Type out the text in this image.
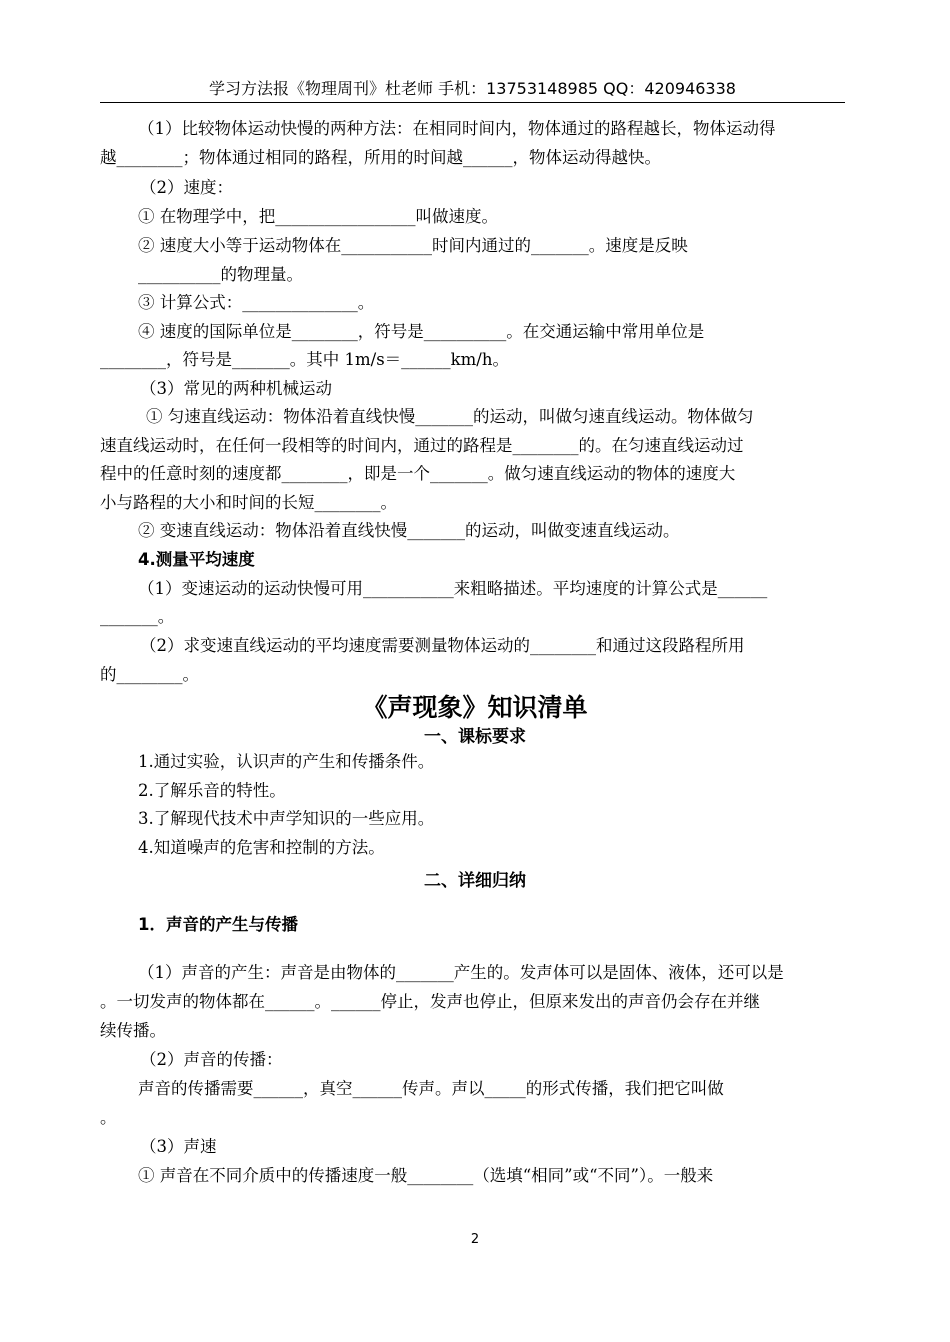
学习方法报《物理周刊》杜老师 手机：13753148985 QQ：420946338
（1）比较物体运动快慢的两种方法：在相同时间内，物体通过的路程越长，物体运动得
越________；物体通过相同的路程，所用的时间越______，物体运动得越快。
（2）速度：
① 在物理学中，把_________________叫做速度。
② 速度大小等于运动物体在___________时间内通过的_______。速度是反映
__________的物理量。
③ 计算公式：______________。
④ 速度的国际单位是________，符号是__________。在交通运输中常用单位是
________，符号是_______。其中 1m/s＝______km/h。
（3）常见的两种机械运动
① 匀速直线运动：物体沿着直线快慢_______的运动，叫做匀速直线运动。物体做匀
速直线运动时，在任何一段相等的时间内，通过的路程是________的。在匀速直线运动过
程中的任意时刻的速度都________，即是一个_______。做匀速直线运动的物体的速度大
小与路程的大小和时间的长短________。
② 变速直线运动：物体沿着直线快慢_______的运动，叫做变速直线运动。
4.测量平均速度
（1）变速运动的运动快慢可用___________来粗略描述。平均速度的计算公式是______
_______。
（2）求变速直线运动的平均速度需要测量物体运动的________和通过这段路程所用
的________。
《声现象》知识清单
一、课标要求
1.通过实验，认识声的产生和传播条件。
2.了解乐音的特性。
3.了解现代技术中声学知识的一些应用。
4.知道噪声的危害和控制的方法。
二、详细归纳
1．声音的产生与传播
（1）声音的产生：声音是由物体的_______产生的。发声体可以是固体、液体，还可以是
。一切发声的物体都在______。______停止，发声也停止，但原来发出的声音仍会存在并继
续传播。
（2）声音的传播：
声音的传播需要______，真空______传声。声以_____的形式传播，我们把它叫做
。
（3）声速
① 声音在不同介质中的传播速度一般________（选填“相同”或“不同”）。一般来
2
